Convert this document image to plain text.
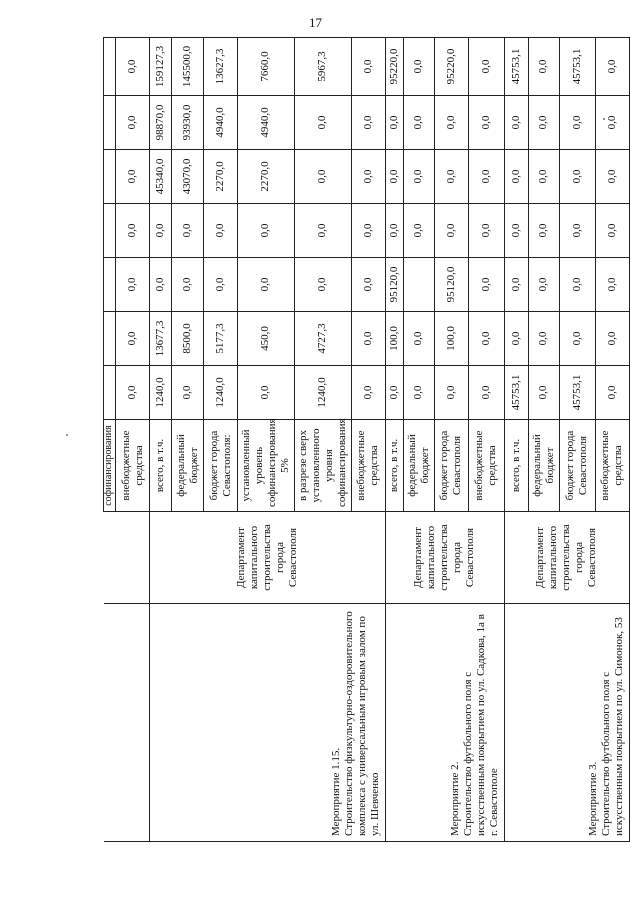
17
		софинансирования							
		внебюджетные средства	0,0	0,0	0,0	0,0	0,0	0,0	0,0
Мероприятие 1.15.
Строительство физкультурно-оздоровительного комплекса с универсальным игровым залом по ул. Шевченко	Департамент капитального строительства города Севастополя	всего, в т.ч.	1240,0	13677,3	0,0	0,0	45340,0	98870,0	159127,3
		федеральный бюджет	0,0	8500,0	0,0	0,0	43070,0	93930,0	145500,0
		бюджет города Севастополя:	1240,0	5177,3	0,0	0,0	2270,0	4940,0	13627,3
		установленный уровень софинансирования 5%	0,0	450,0	0,0	0,0	2270,0	4940,0	7660,0
		в разрезе сверх установленного уровня софинансирования	1240,0	4727,3	0,0	0,0	0,0	0,0	5967,3
		внебюджетные средства	0,0	0,0	0,0	0,0	0,0	0,0	0,0
Мероприятие 2.
Строительство футбольного поля с искусственным покрытием по ул. Садкова, 1а в г. Севастополе	Департамент капитального строительства города Севастополя	всего, в т.ч.	0,0	100,0	95120,0	0,0	0,0	0,0	95220,0
		федеральный бюджет	0,0	0,0		0,0	0,0	0,0	0,0
		бюджет города Севастополя	0,0	100,0	95120,0	0,0	0,0	0,0	95220,0
		внебюджетные средства	0,0	0,0	0,0	0,0	0,0	0,0	0,0
Мероприятие 3.
Строительство футбольного поля с искусственным покрытием по ул. Симонок, 53	Департамент капитального строительства города Севастополя	всего, в т.ч.	45753,1	0,0	0,0	0,0	0,0	0,0	45753,1
		федеральный бюджет	0,0	0,0	0,0	0,0	0,0	0,0	0,0
		бюджет города Севастополя	45753,1	0,0	0,0	0,0	0,0	0,0	45753,1
		внебюджетные средства	0,0	0,0	0,0	0,0	0,0	0,0	0,0
